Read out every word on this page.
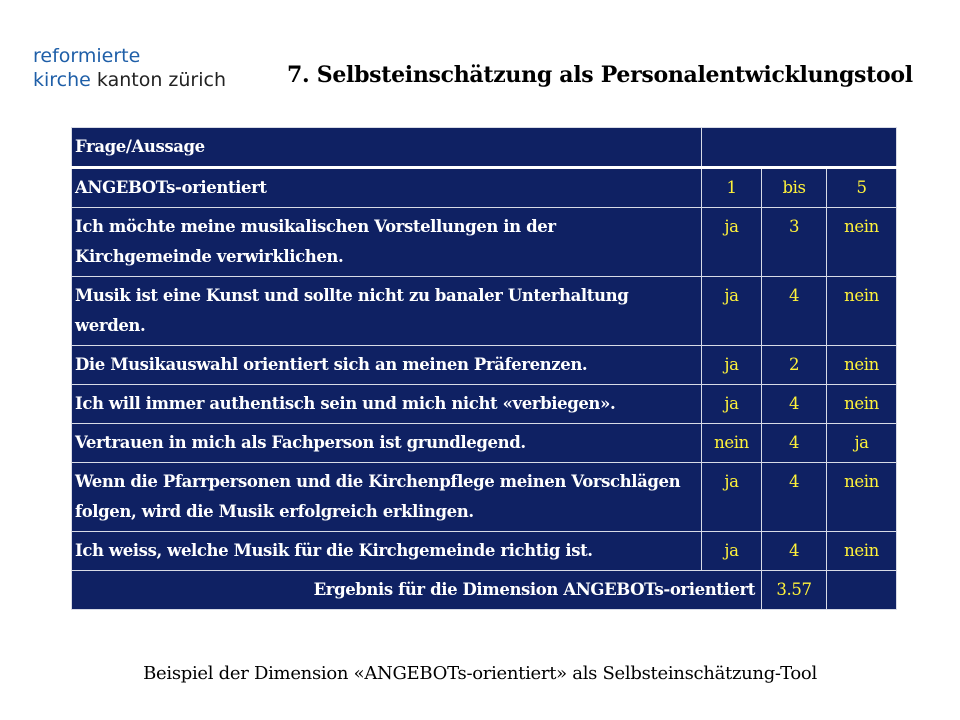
reformierte
kirche kanton zürich	7. Selbsteinschätzung als Personalentwicklungstool
Frage/Aussage			
ANGEBOTs-orientiert	1	bis	5
Ich möchte meine musikalischen Vorstellungen in der Kirchgemeinde verwirklichen.	ja	3	nein
Musik ist eine Kunst und sollte nicht zu banaler Unterhaltung werden.	ja	4	nein
Die Musikauswahl orientiert sich an meinen Präferenzen.	ja	2	nein
Ich will immer authentisch sein und mich nicht «verbiegen».	ja	4	nein
Vertrauen in mich als Fachperson ist grundlegend.	nein	4	ja
Wenn die Pfarrpersonen und die Kirchenpflege meinen Vorschlägen folgen, wird die Musik erfolgreich erklingen.	ja	4	nein
Ich weiss, welche Musik für die Kirchgemeinde richtig ist.	ja	4	nein
Ergebnis für die Dimension ANGEBOTs-orientiert		3.57	
Beispiel der Dimension «ANGEBOTs-orientiert» als Selbsteinschätzung-Tool
